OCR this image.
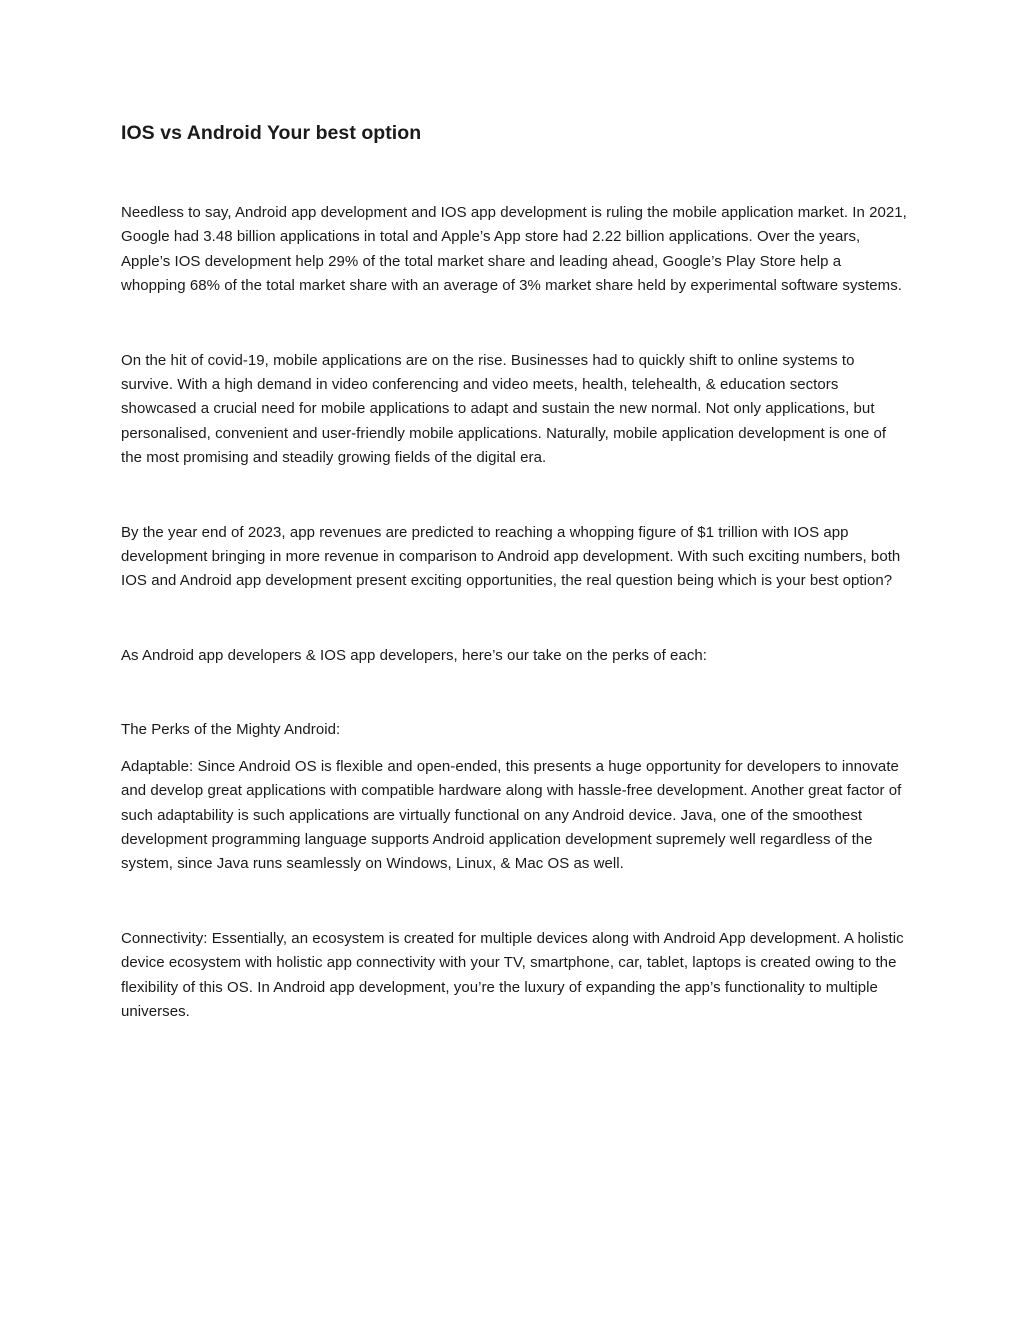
IOS vs Android Your best option

Needless to say, Android app development and IOS app development is ruling the mobile application market. In 2021, Google had 3.48 billion applications in total and Apple’s App store had 2.22 billion applications. Over the years, Apple’s IOS development help 29% of the total market share and leading ahead, Google’s Play Store help a whopping 68% of the total market share with an average of 3% market share held by experimental software systems.

On the hit of covid-19, mobile applications are on the rise. Businesses had to quickly shift to online systems to survive. With a high demand in video conferencing and video meets, health, telehealth, & education sectors showcased a crucial need for mobile applications to adapt and sustain the new normal. Not only applications, but personalised, convenient and user-friendly mobile applications. Naturally, mobile application development is one of the most promising and steadily growing fields of the digital era.

By the year end of 2023, app revenues are predicted to reaching a whopping figure of $1 trillion with IOS app development bringing in more revenue in comparison to Android app development. With such exciting numbers, both IOS and Android app development present exciting opportunities, the real question being which is your best option?

As Android app developers & IOS app developers, here’s our take on the perks of each:

The Perks of the Mighty Android:

Adaptable: Since Android OS is flexible and open-ended, this presents a huge opportunity for developers to innovate and develop great applications with compatible hardware along with hassle-free development. Another great factor of such adaptability is such applications are virtually functional on any Android device. Java, one of the smoothest development programming language supports Android application development supremely well regardless of the system, since Java runs seamlessly on Windows, Linux, & Mac OS as well.

Connectivity: Essentially, an ecosystem is created for multiple devices along with Android App development. A holistic device ecosystem with holistic app connectivity with your TV, smartphone, car, tablet, laptops is created owing to the flexibility of this OS. In Android app development, you’re the luxury of expanding the app’s functionality to multiple universes.
